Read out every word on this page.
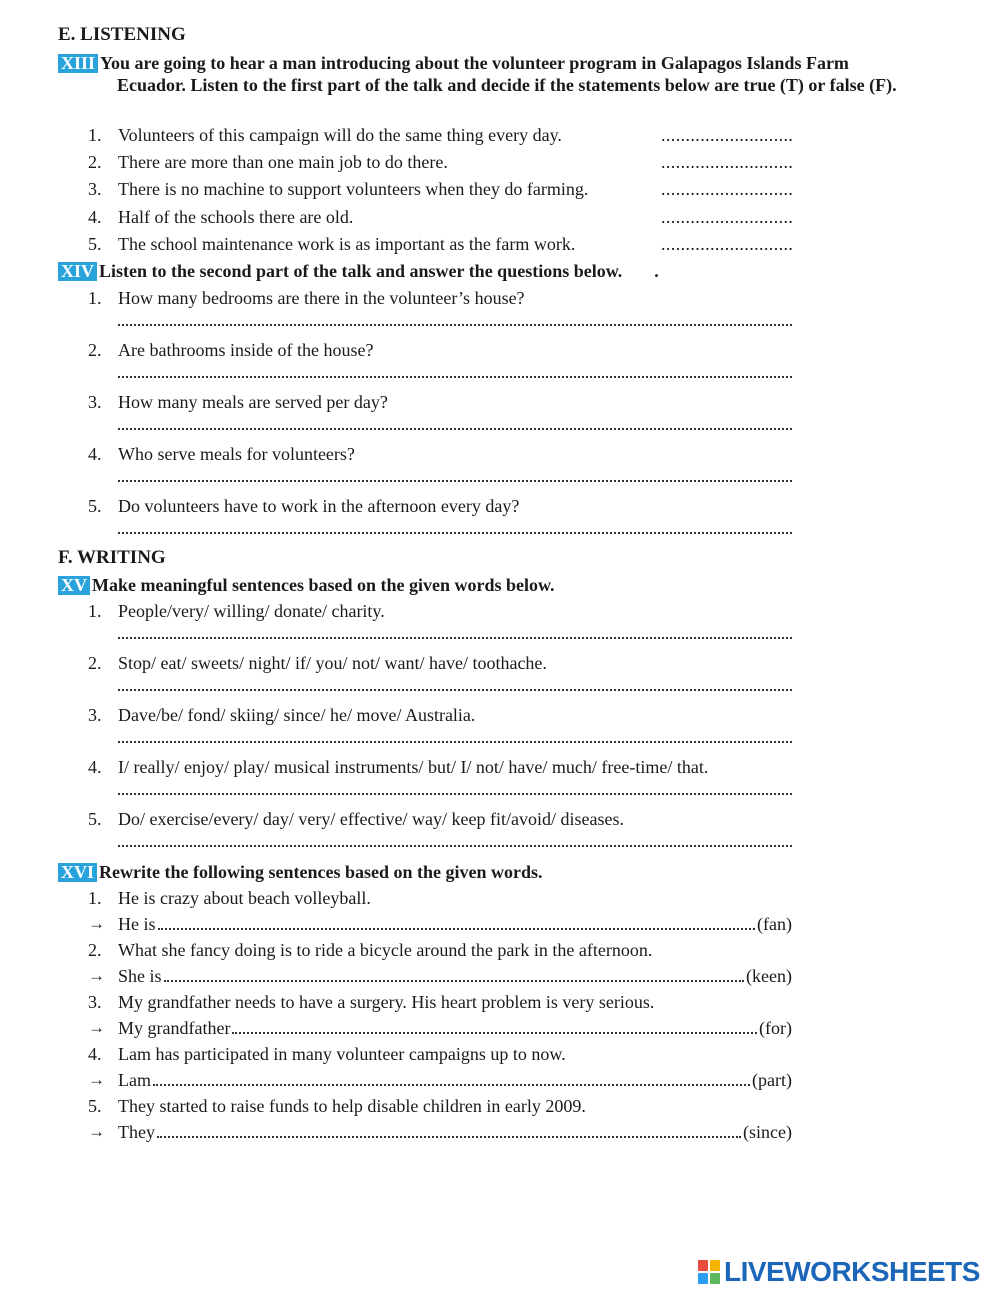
E. LISTENING
XIII You are going to hear a man introducing about the volunteer program in Galapagos Islands Farm
Ecuador. Listen to the first part of the talk and decide if the statements below are true (T) or false (F).
1. Volunteers of this campaign will do the same thing every day.	...........................
2. There are more than one main job to do there.	...........................
3. There is no machine to support volunteers when they do farming.	...........................
4. Half of the schools there are old.	...........................
5. The school maintenance work is as important as the farm work.	...........................
XIV Listen to the second part of the talk and answer the questions below. .
1. How many bedrooms are there in the volunteer’s house?
2. Are bathrooms inside of the house?
3. How many meals are served per day?
4. Who serve meals for volunteers?
5. Do volunteers have to work in the afternoon every day?
F. WRITING
XV Make meaningful sentences based on the given words below.
1. People/very/ willing/ donate/ charity.
2. Stop/ eat/ sweets/ night/ if/ you/ not/ want/ have/ toothache.
3. Dave/be/ fond/ skiing/ since/ he/ move/ Australia.
4. I/ really/ enjoy/ play/ musical instruments/ but/ I/ not/ have/ much/ free-time/ that.
5. Do/ exercise/every/ day/ very/ effective/ way/ keep fit/avoid/ diseases.
XVI Rewrite the following sentences based on the given words.
1. He is crazy about beach volleyball.
→ He is	(fan)
2. What she fancy doing is to ride a bicycle around the park in the afternoon.
→ She is	(keen)
3. My grandfather needs to have a surgery. His heart problem is very serious.
→ My grandfather	(for)
4. Lam has participated in many volunteer campaigns up to now.
→ Lam	(part)
5. They started to raise funds to help disable children in early 2009.
→ They	(since)
LIVEWORKSHEETS
